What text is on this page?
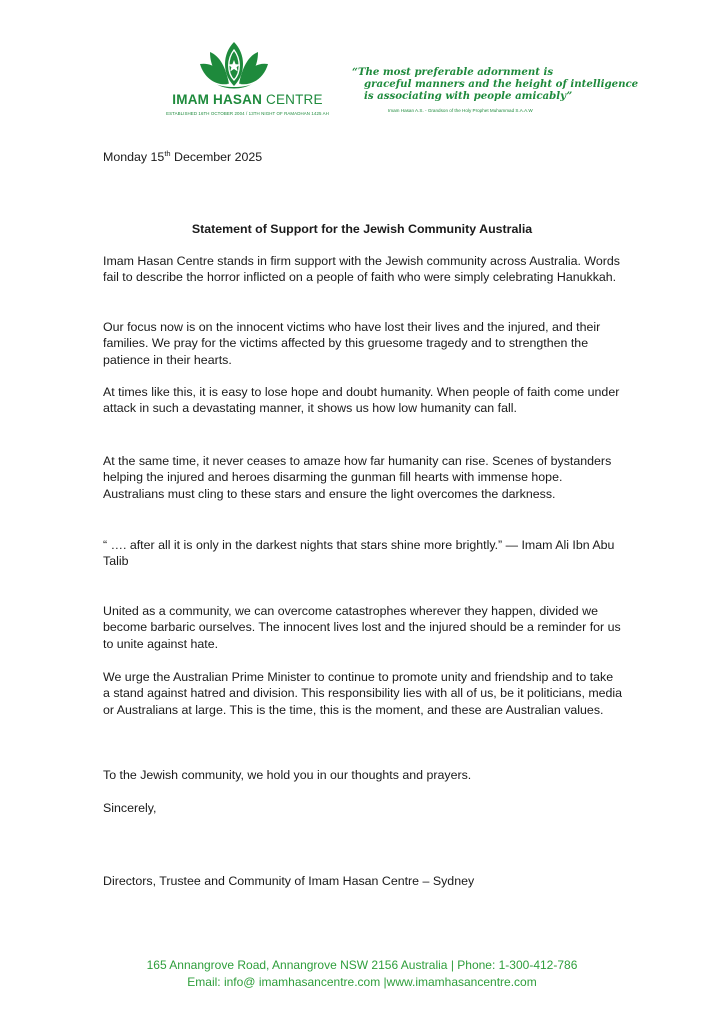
IMAM HASAN CENTRE
ESTABLISHED 16TH OCTOBER 2004 / 13TH NIGHT OF RAMADHAN 1425 AH
“The most preferable adornment is
graceful manners and the height of intelligence
is associating with people amicably”
Imam Hasan A.S. - Grandson of the Holy Prophet Muhammad S.A.A.W
Monday 15th December 2025
Statement of Support for the Jewish Community Australia

Imam Hasan Centre stands in firm support with the Jewish community across Australia. Words fail to describe the horror inflicted on a people of faith who were simply celebrating Hanukkah.

Our focus now is on the innocent victims who have lost their lives and the injured, and their families. We pray for the victims affected by this gruesome tragedy and to strengthen the patience in their hearts.

At times like this, it is easy to lose hope and doubt humanity. When people of faith come under attack in such a devastating manner, it shows us how low humanity can fall.

At the same time, it never ceases to amaze how far humanity can rise. Scenes of bystanders helping the injured and heroes disarming the gunman fill hearts with immense hope. Australians must cling to these stars and ensure the light overcomes the darkness.

“ …. after all it is only in the darkest nights that stars shine more brightly.” — Imam Ali Ibn Abu Talib

United as a community, we can overcome catastrophes wherever they happen, divided we become barbaric ourselves. The innocent lives lost and the injured should be a reminder for us to unite against hate.

We urge the Australian Prime Minister to continue to promote unity and friendship and to take a stand against hatred and division. This responsibility lies with all of us, be it politicians, media or Australians at large. This is the time, this is the moment, and these are Australian values.

To the Jewish community, we hold you in our thoughts and prayers.

Sincerely,
Directors, Trustee and Community of Imam Hasan Centre – Sydney
165 Annangrove Road, Annangrove NSW 2156 Australia | Phone: 1-300-412-786
Email: info@ imamhasancentre.com |www.imamhasancentre.com
